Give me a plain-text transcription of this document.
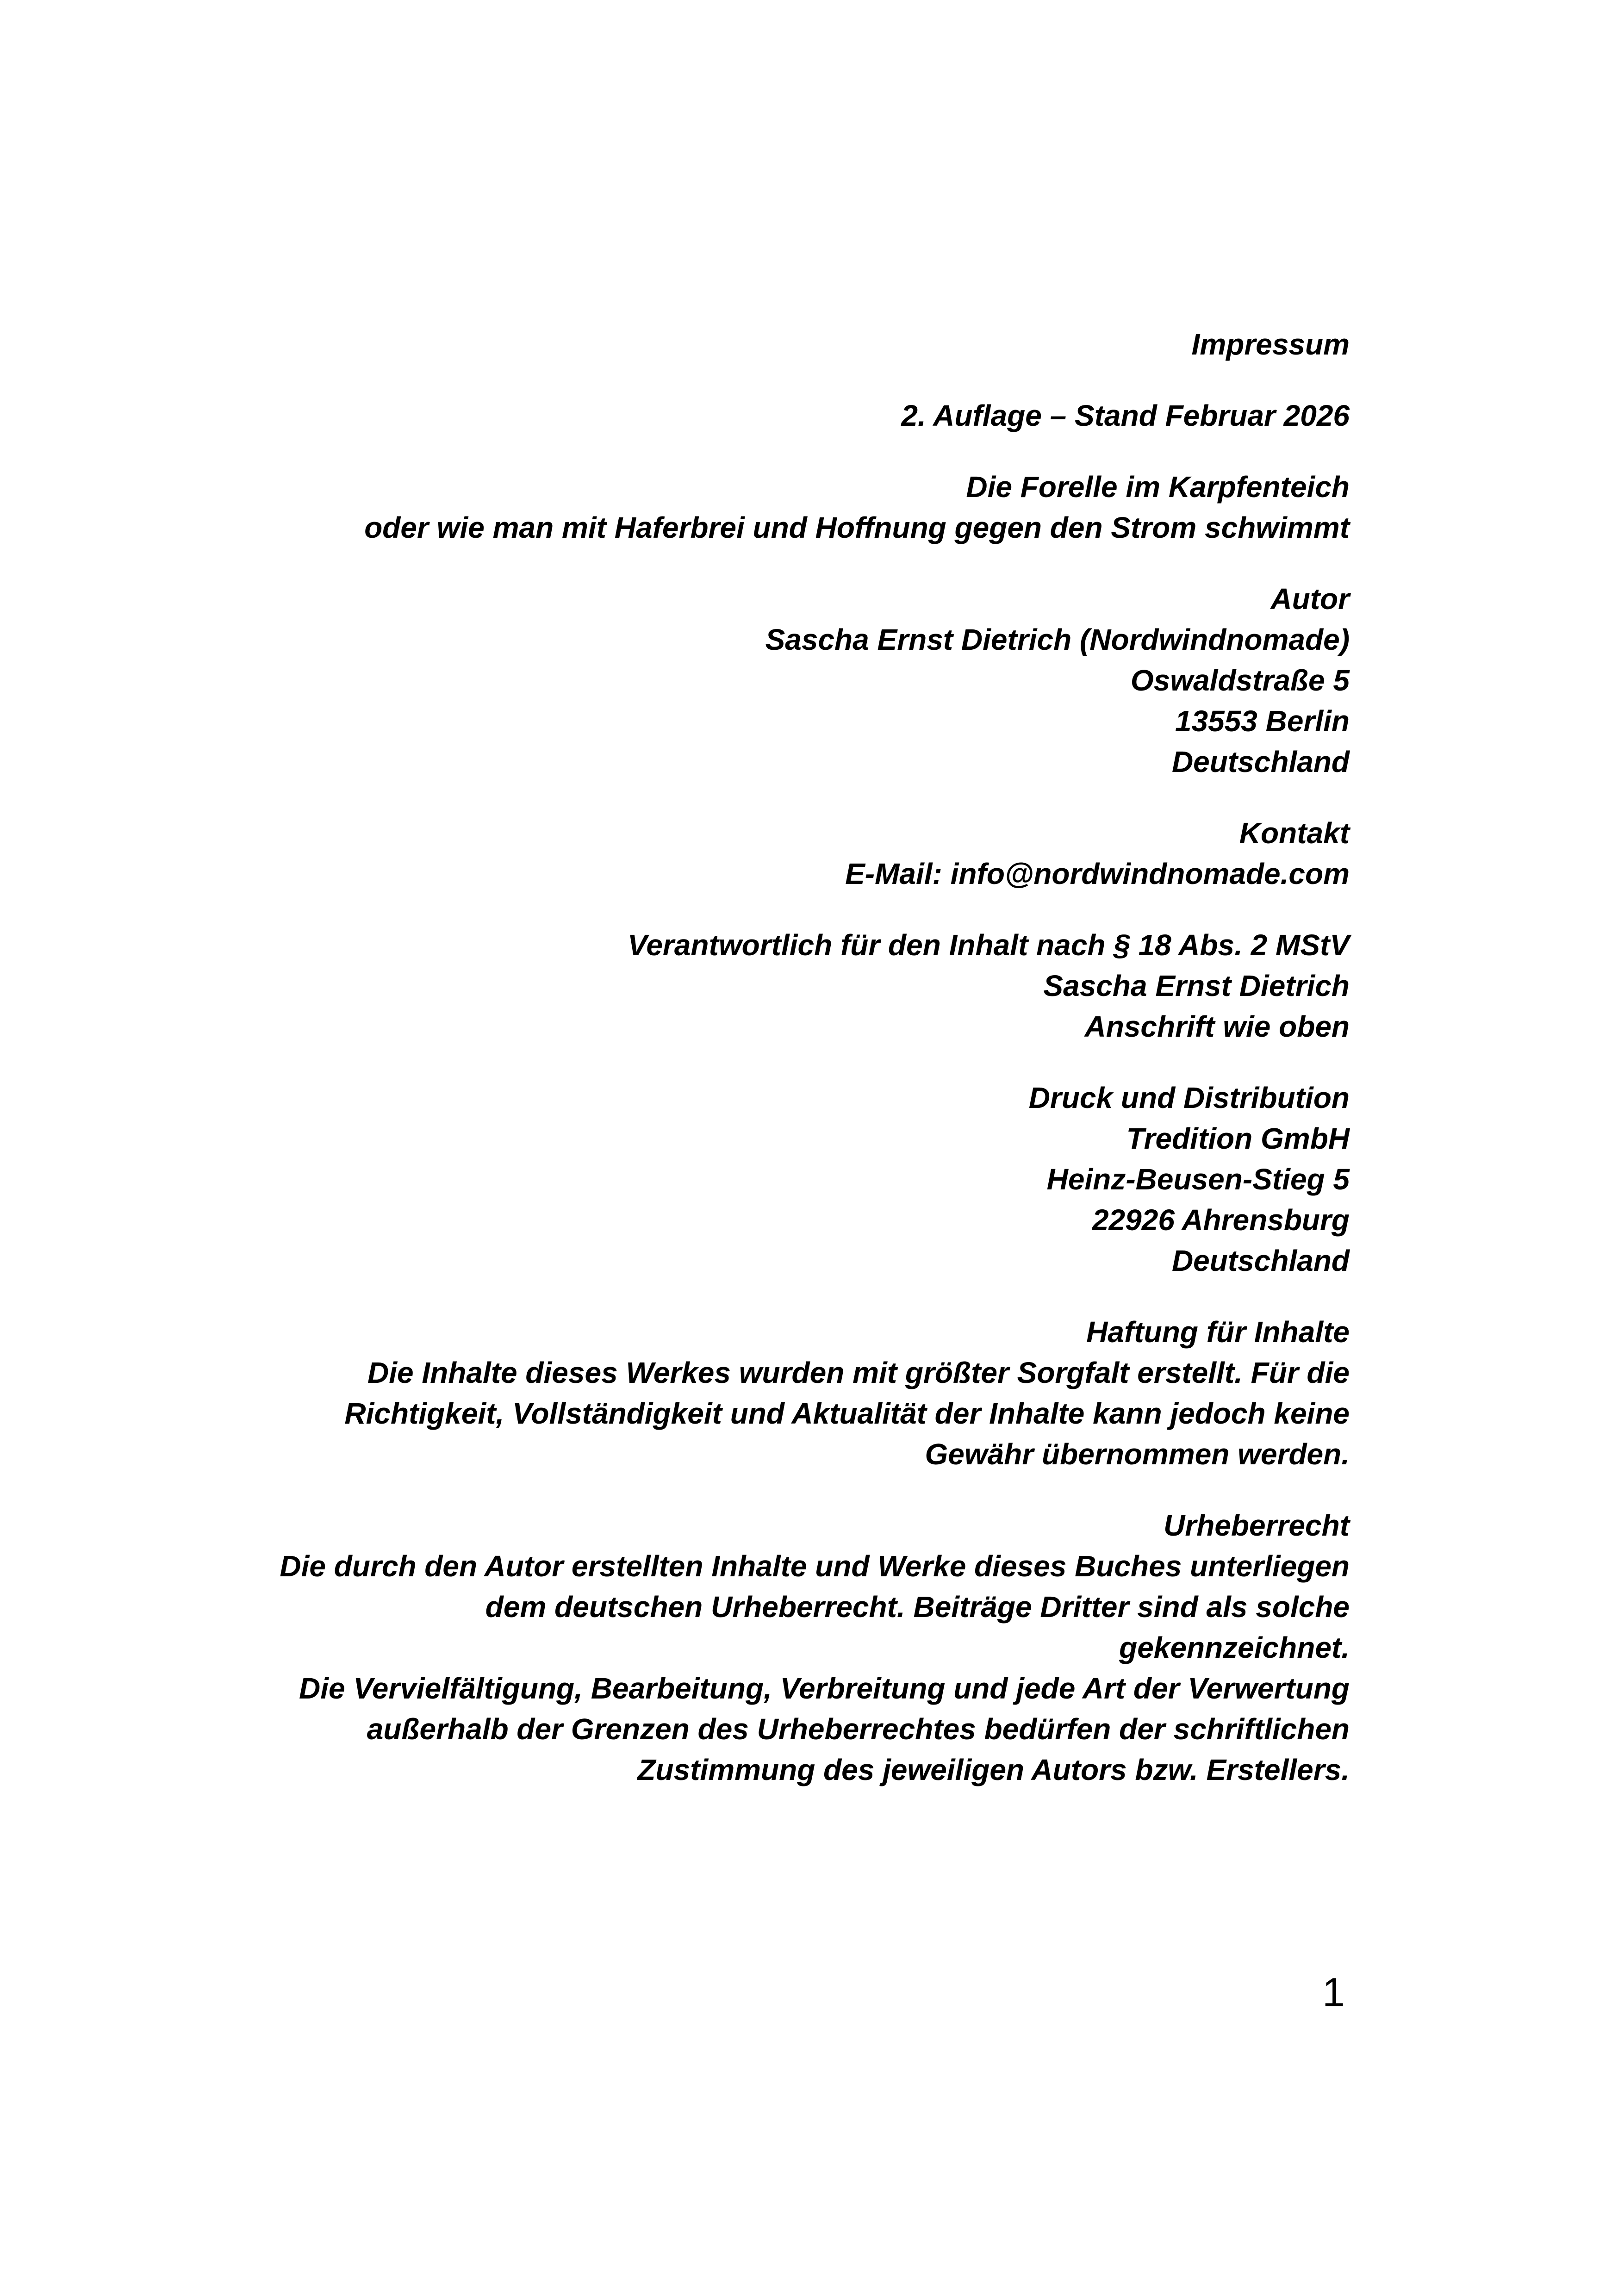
Impressum
2. Auflage – Stand Februar 2026
Die Forelle im Karpfenteich
oder wie man mit Haferbrei und Hoffnung gegen den Strom schwimmt
Autor
Sascha Ernst Dietrich (Nordwindnomade)
Oswaldstraße 5
13553 Berlin
Deutschland
Kontakt
E-Mail: info@nordwindnomade.com
Verantwortlich für den Inhalt nach § 18 Abs. 2 MStV
Sascha Ernst Dietrich
Anschrift wie oben
Druck und Distribution
Tredition GmbH
Heinz-Beusen-Stieg 5
22926 Ahrensburg
Deutschland
Haftung für Inhalte
Die Inhalte dieses Werkes wurden mit größter Sorgfalt erstellt. Für die
Richtigkeit, Vollständigkeit und Aktualität der Inhalte kann jedoch keine
Gewähr übernommen werden.
Urheberrecht
Die durch den Autor erstellten Inhalte und Werke dieses Buches unterliegen
dem deutschen Urheberrecht. Beiträge Dritter sind als solche
gekennzeichnet.
Die Vervielfältigung, Bearbeitung, Verbreitung und jede Art der Verwertung
außerhalb der Grenzen des Urheberrechtes bedürfen der schriftlichen
Zustimmung des jeweiligen Autors bzw. Erstellers.
1
